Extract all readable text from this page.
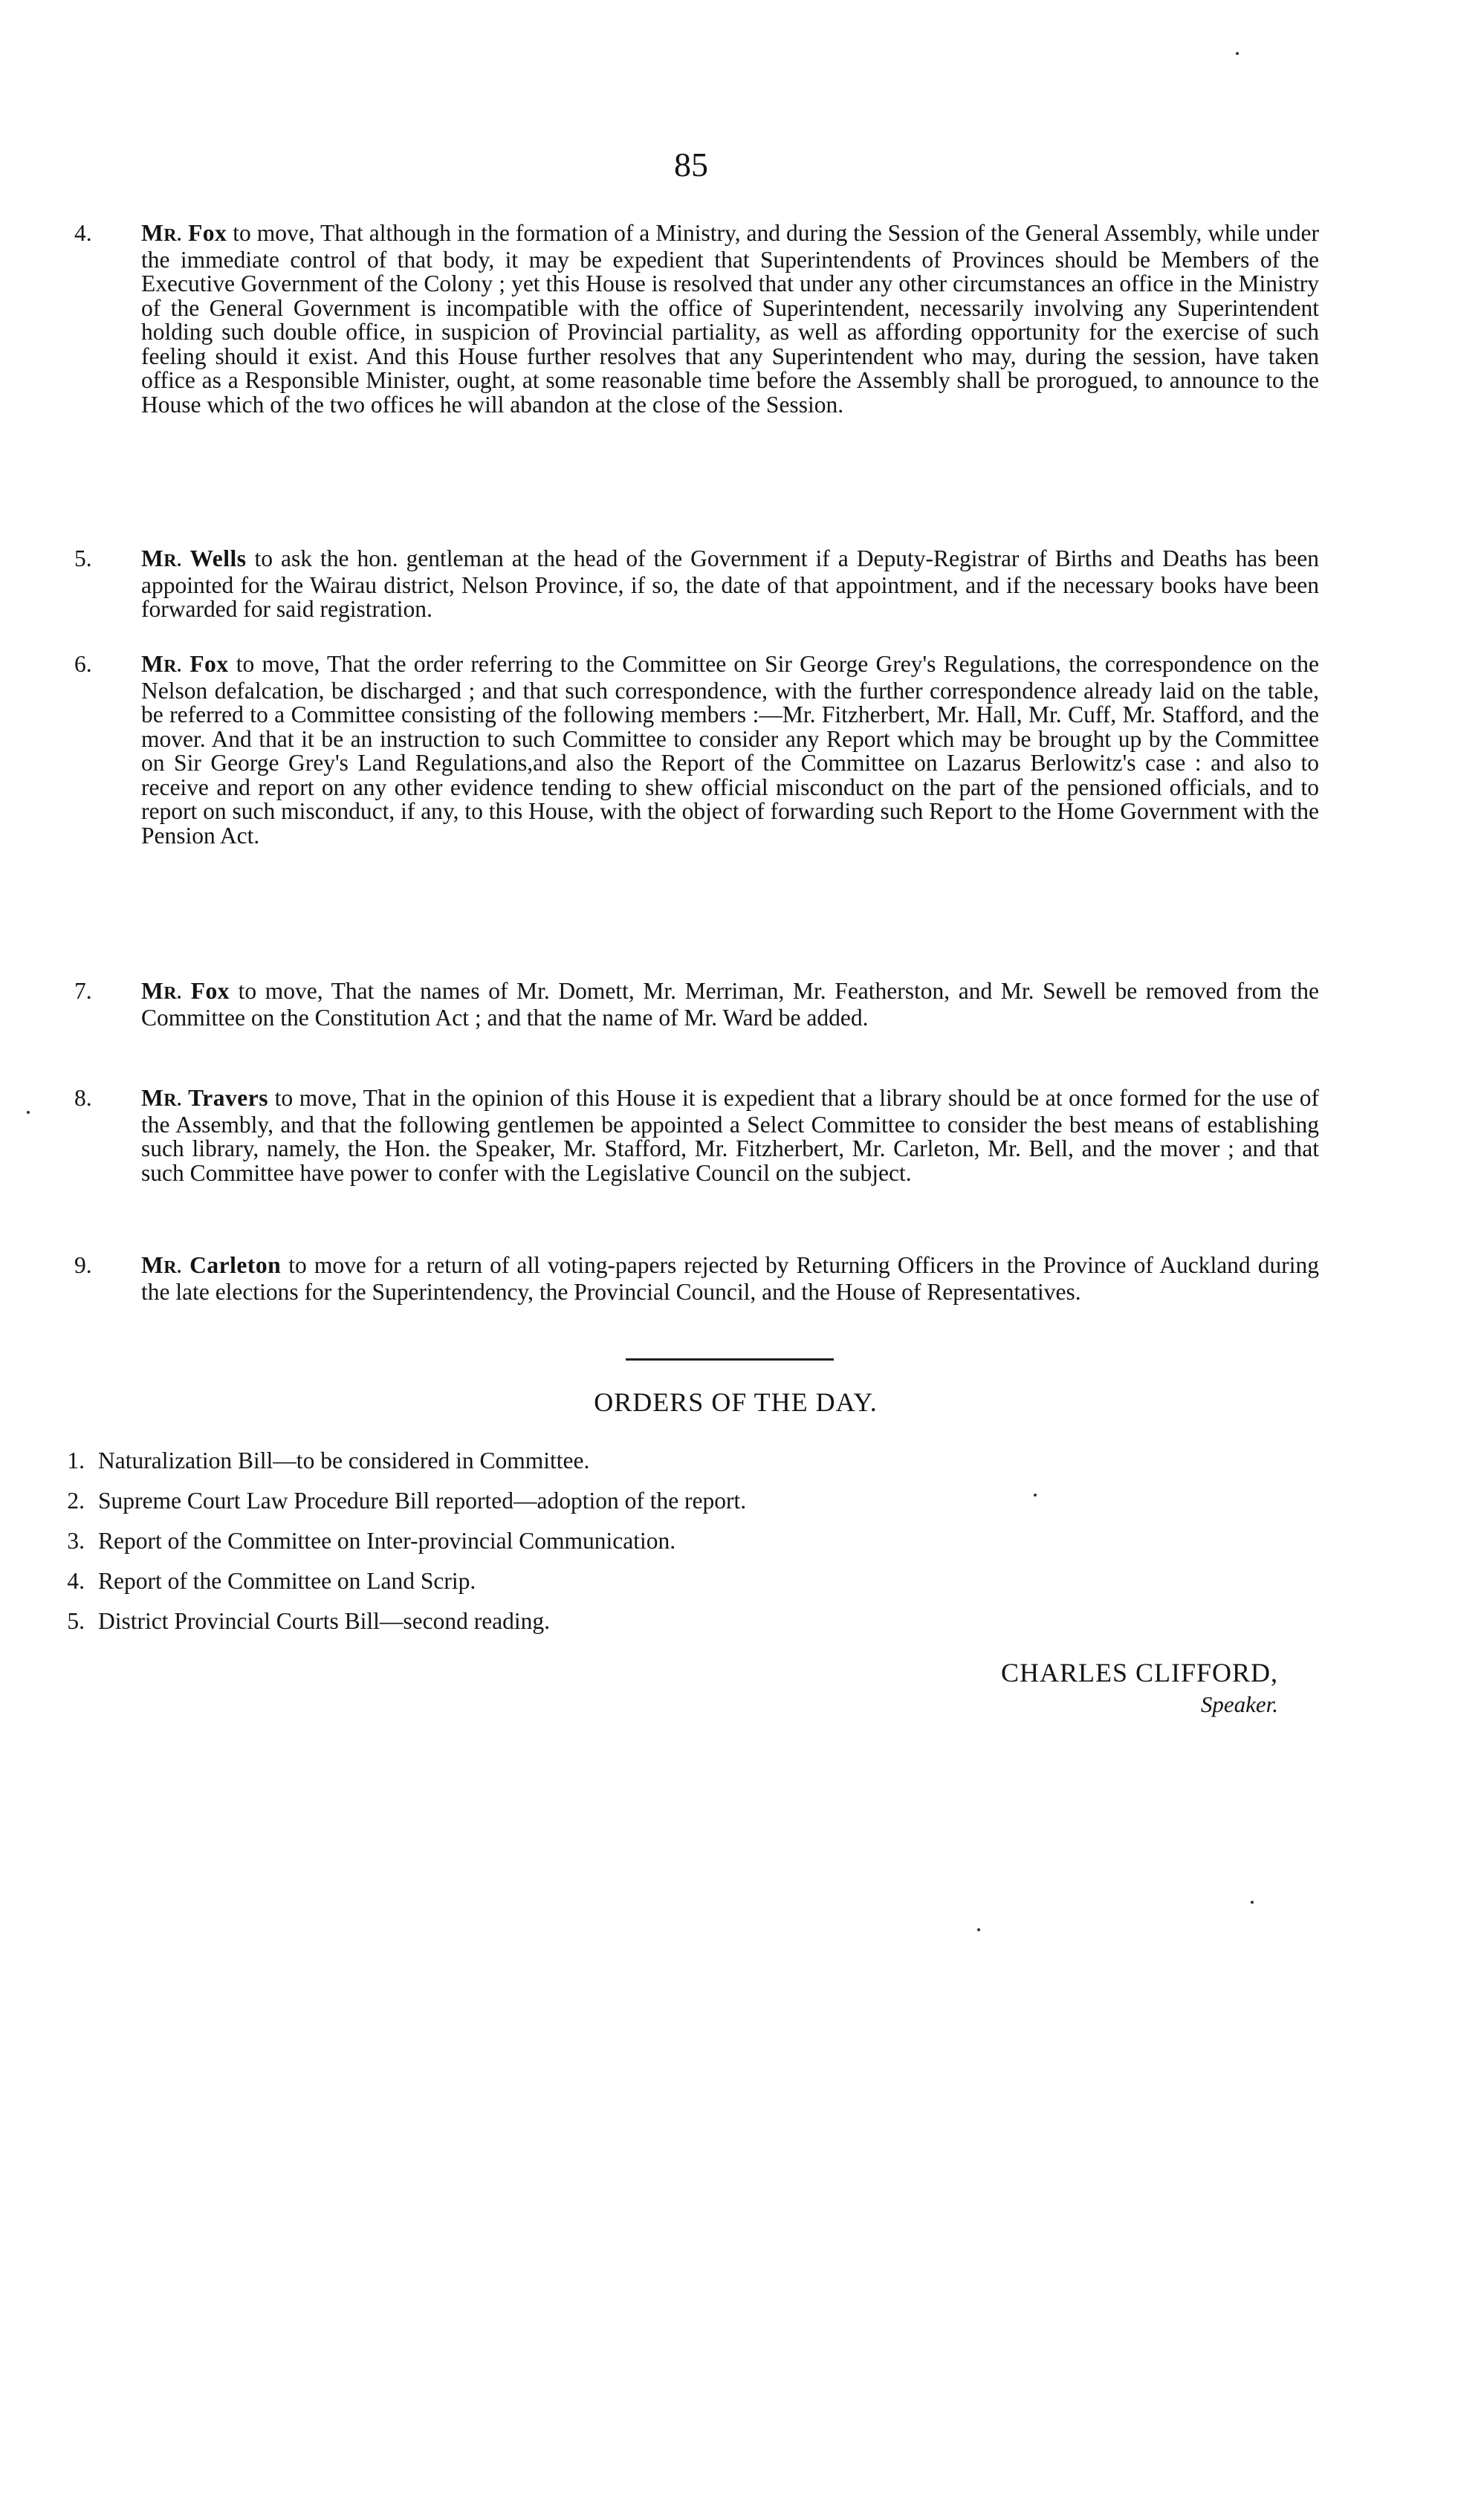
85
4.	MR. Fox to move, That although in the formation of a Ministry, and during the Session of the General Assembly, while under the immediate control of that body, it may be expedient that Superintendents of Provinces should be Members of the Executive Government of the Colony ; yet this House is resolved that under any other circumstances an office in the Ministry of the General Government is incompatible with the office of Superintendent, necessarily involving any Superintendent holding such double office, in suspicion of Provincial partiality, as well as affording opportunity for the exercise of such feeling should it exist. And this House further resolves that any Superintendent who may, during the session, have taken office as a Responsible Minister, ought, at some reasonable time before the Assembly shall be prorogued, to announce to the House which of the two offices he will abandon at the close of the Session.
5.	MR. Wells to ask the hon. gentleman at the head of the Government if a Deputy-Registrar of Births and Deaths has been appointed for the Wairau district, Nelson Province, if so, the date of that appointment, and if the necessary books have been forwarded for said registration.
6.	MR. Fox to move, That the order referring to the Committee on Sir George Grey's Regulations, the correspondence on the Nelson defalcation, be discharged ; and that such correspondence, with the further correspondence already laid on the table, be referred to a Committee consisting of the following members :—Mr. Fitzherbert, Mr. Hall, Mr. Cuff, Mr. Stafford, and the mover. And that it be an instruction to such Committee to consider any Report which may be brought up by the Committee on Sir George Grey's Land Regulations,and also the Report of the Committee on Lazarus Berlowitz's case : and also to receive and report on any other evidence tending to shew official misconduct on the part of the pensioned officials, and to report on such misconduct, if any, to this House, with the object of forwarding such Report to the Home Government with the Pension Act.
7.	MR. Fox to move, That the names of Mr. Domett, Mr. Merriman, Mr. Featherston, and Mr. Sewell be removed from the Committee on the Constitution Act ; and that the name of Mr. Ward be added.
8.	MR. Travers to move, That in the opinion of this House it is expedient that a library should be at once formed for the use of the Assembly, and that the following gentlemen be appointed a Select Committee to consider the best means of establishing such library, namely, the Hon. the Speaker, Mr. Stafford, Mr. Fitzherbert, Mr. Carleton, Mr. Bell, and the mover ; and that such Committee have power to confer with the Legislative Council on the subject.
9.	MR. Carleton to move for a return of all voting-papers rejected by Returning Officers in the Province of Auckland during the late elections for the Superintendency, the Provincial Council, and the House of Representatives.
ORDERS OF THE DAY.
1. Naturalization Bill—to be considered in Committee.
2. Supreme Court Law Procedure Bill reported—adoption of the report.
3. Report of the Committee on Inter-provincial Communication.
4. Report of the Committee on Land Scrip.
5. District Provincial Courts Bill—second reading.
CHARLES CLIFFORD,
Speaker.
